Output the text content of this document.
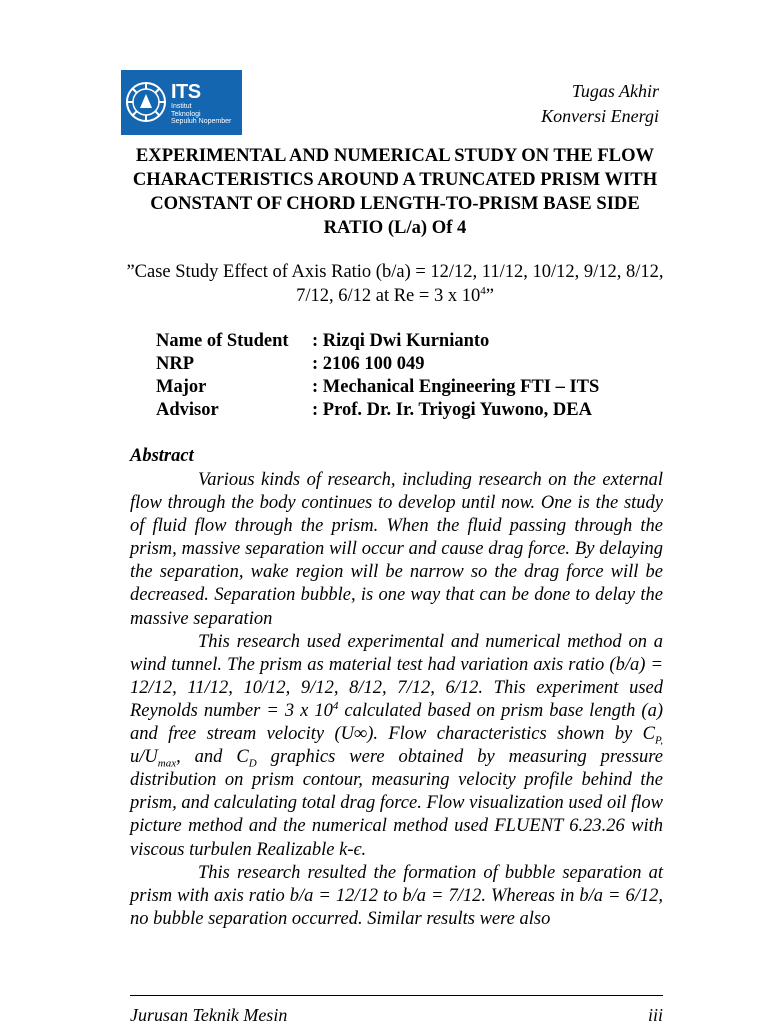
ITS
Institut
Teknologi
Sepuluh Nopember
Tugas Akhir
Konversi Energi
EXPERIMENTAL AND NUMERICAL STUDY ON THE FLOW CHARACTERISTICS AROUND A TRUNCATED PRISM WITH CONSTANT OF CHORD LENGTH-TO-PRISM BASE SIDE RATIO (L/a) Of 4
”Case Study Effect of Axis Ratio (b/a) = 12/12, 11/12, 10/12, 9/12, 8/12, 7/12, 6/12 at Re = 3 x $10^4$”
Name of Student	: Rizqi Dwi Kurnianto
NRP	: 2106 100 049
Major	: Mechanical Engineering FTI – ITS
Advisor	: Prof. Dr. Ir. Triyogi Yuwono, DEA
Abstract

Various kinds of research, including research on the external flow through the body continues to develop until now. One is the study of fluid flow through the prism. When the fluid passing through the prism, massive separation will occur and cause drag force. By delaying the separation, wake region will be narrow so the drag force will be decreased. Separation bubble, is one way that can be done to delay the massive separation

This research used experimental and numerical method on a wind tunnel. The prism as material test had variation axis ratio (b/a) = 12/12, 11/12, 10/12, 9/12, 8/12, 7/12, 6/12. This experiment used Reynolds number = 3 x $10^4$ calculated based on prism base length (a) and free stream velocity (U∞). Flow characteristics shown by $C_{P,}$ $u/U_{max}$, and $C_D$ graphics were obtained by measuring pressure distribution on prism contour, measuring velocity profile behind the prism, and calculating total drag force. Flow visualization used oil flow picture method and the numerical method used FLUENT 6.23.26 with viscous turbulen Realizable k-є.

This research resulted the formation of bubble separation at prism with axis ratio b/a = 12/12 to b/a = 7/12. Whereas in b/a = 6/12, no bubble separation occurred. Similar results were also

Jurusan Teknik Mesin	iii
